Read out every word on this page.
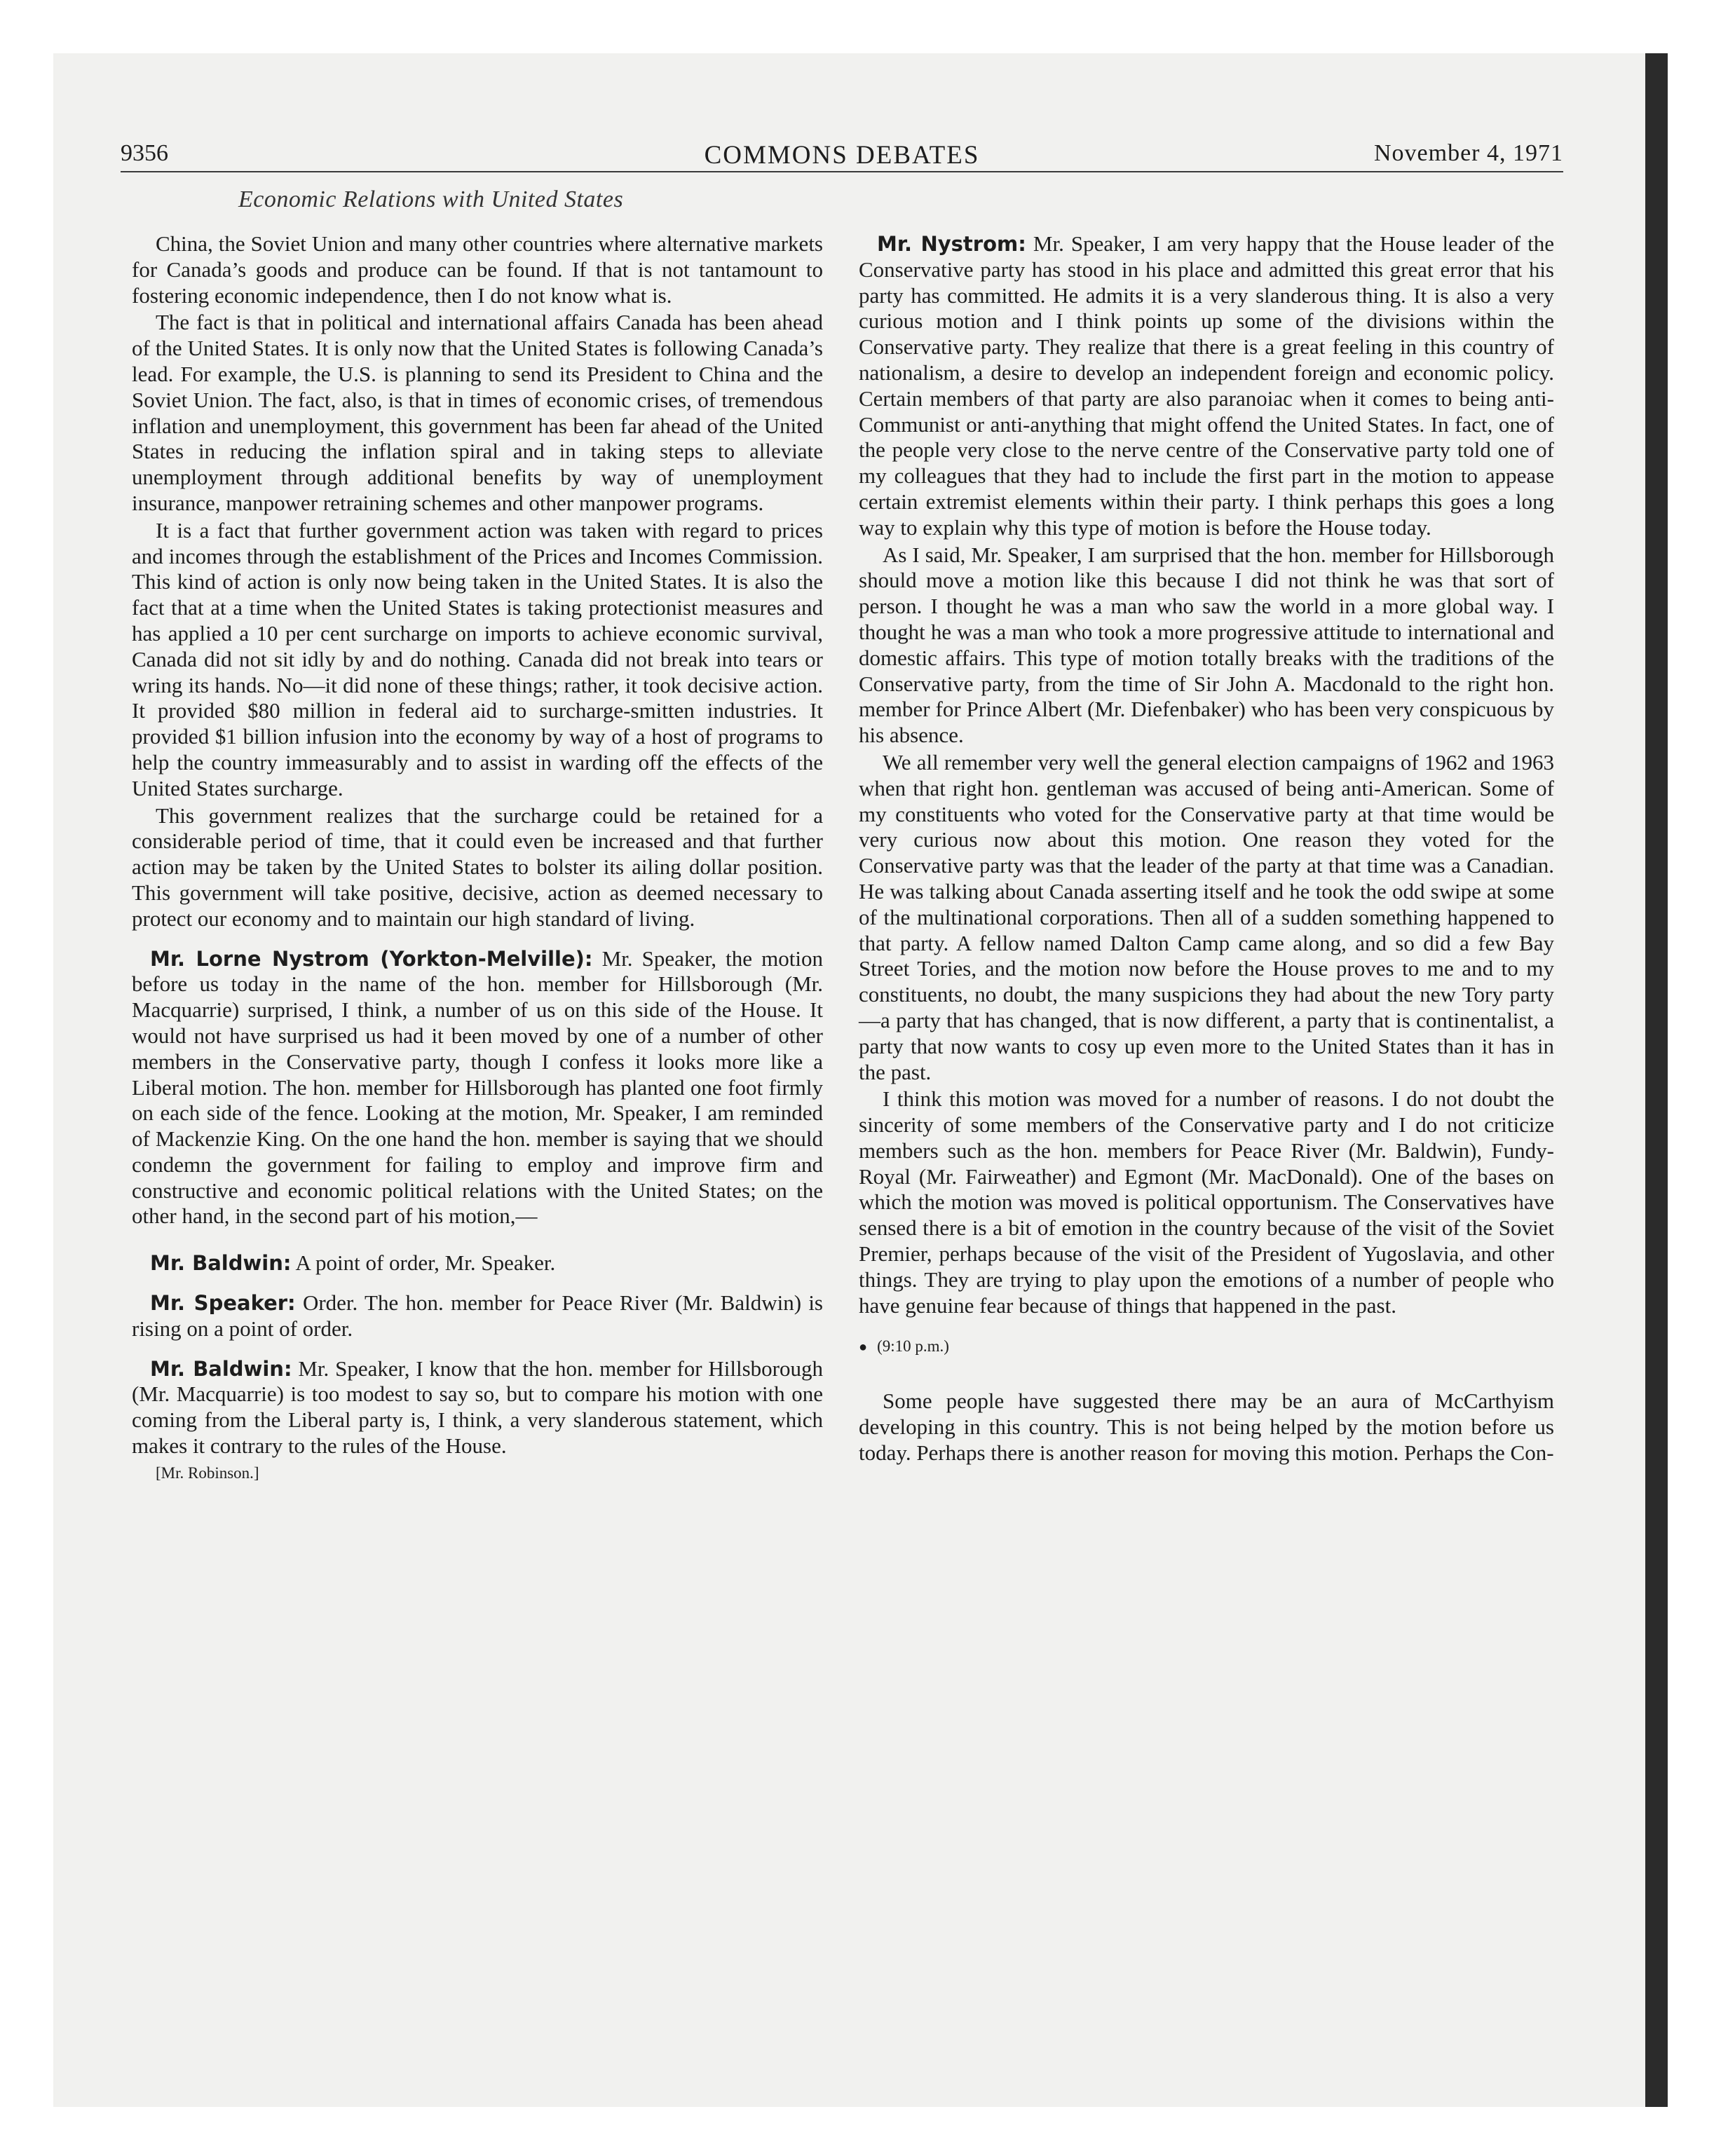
9356	COMMONS DEBATES	November 4, 1971
Economic Relations with United States

China, the Soviet Union and many other countries where alternative markets for Canada’s goods and produce can be found. If that is not tantamount to fostering economic independence, then I do not know what is.

The fact is that in political and international affairs Canada has been ahead of the United States. It is only now that the United States is following Canada’s lead. For example, the U.S. is planning to send its President to China and the Soviet Union. The fact, also, is that in times of economic crises, of tremendous inflation and unemployment, this government has been far ahead of the United States in reducing the inflation spiral and in taking steps to alleviate unemployment through additional benefits by way of unemployment insurance, manpower retraining schemes and other manpower programs.

It is a fact that further government action was taken with regard to prices and incomes through the establishment of the Prices and Incomes Commission. This kind of action is only now being taken in the United States. It is also the fact that at a time when the United States is taking protectionist measures and has applied a 10 per cent surcharge on imports to achieve economic survival, Canada did not sit idly by and do nothing. Canada did not break into tears or wring its hands. No—it did none of these things; rather, it took decisive action. It provided $80 million in federal aid to surcharge-smitten industries. It provided $1 billion infusion into the economy by way of a host of programs to help the country immeasurably and to assist in warding off the effects of the United States surcharge.

This government realizes that the surcharge could be retained for a considerable period of time, that it could even be increased and that further action may be taken by the United States to bolster its ailing dollar position. This government will take positive, decisive, action as deemed necessary to protect our economy and to maintain our high standard of living.

Mr. Lorne Nystrom (Yorkton-Melville): Mr. Speaker, the motion before us today in the name of the hon. member for Hillsborough (Mr. Macquarrie) surprised, I think, a number of us on this side of the House. It would not have surprised us had it been moved by one of a number of other members in the Conservative party, though I confess it looks more like a Liberal motion. The hon. member for Hillsborough has planted one foot firmly on each side of the fence. Looking at the motion, Mr. Speaker, I am reminded of Mackenzie King. On the one hand the hon. member is saying that we should condemn the government for failing to employ and improve firm and constructive and economic political relations with the United States; on the other hand, in the second part of his motion,—

Mr. Baldwin: A point of order, Mr. Speaker.

Mr. Speaker: Order. The hon. member for Peace River (Mr. Baldwin) is rising on a point of order.

Mr. Baldwin: Mr. Speaker, I know that the hon. member for Hillsborough (Mr. Macquarrie) is too modest to say so, but to compare his motion with one coming from the Liberal party is, I think, a very slanderous statement, which makes it contrary to the rules of the House.

[Mr. Robinson.]

Mr. Nystrom: Mr. Speaker, I am very happy that the House leader of the Conservative party has stood in his place and admitted this great error that his party has committed. He admits it is a very slanderous thing. It is also a very curious motion and I think points up some of the divisions within the Conservative party. They realize that there is a great feeling in this country of nationalism, a desire to develop an independent foreign and economic policy. Certain members of that party are also paranoiac when it comes to being anti-Communist or anti-anything that might offend the United States. In fact, one of the people very close to the nerve centre of the Conservative party told one of my colleagues that they had to include the first part in the motion to appease certain extremist elements within their party. I think perhaps this goes a long way to explain why this type of motion is before the House today.

As I said, Mr. Speaker, I am surprised that the hon. member for Hillsborough should move a motion like this because I did not think he was that sort of person. I thought he was a man who saw the world in a more global way. I thought he was a man who took a more progressive attitude to international and domestic affairs. This type of motion totally breaks with the traditions of the Conservative party, from the time of Sir John A. Macdonald to the right hon. member for Prince Albert (Mr. Diefenbaker) who has been very conspicuous by his absence.

We all remember very well the general election campaigns of 1962 and 1963 when that right hon. gentleman was accused of being anti-American. Some of my constituents who voted for the Conservative party at that time would be very curious now about this motion. One reason they voted for the Conservative party was that the leader of the party at that time was a Canadian. He was talking about Canada asserting itself and he took the odd swipe at some of the multinational corporations. Then all of a sudden something happened to that party. A fellow named Dalton Camp came along, and so did a few Bay Street Tories, and the motion now before the House proves to me and to my constituents, no doubt, the many suspicions they had about the new Tory party—a party that has changed, that is now different, a party that is continentalist, a party that now wants to cosy up even more to the United States than it has in the past.

I think this motion was moved for a number of reasons. I do not doubt the sincerity of some members of the Conservative party and I do not criticize members such as the hon. members for Peace River (Mr. Baldwin), Fundy-Royal (Mr. Fairweather) and Egmont (Mr. MacDonald). One of the bases on which the motion was moved is political opportunism. The Conservatives have sensed there is a bit of emotion in the country because of the visit of the Soviet Premier, perhaps because of the visit of the President of Yugoslavia, and other things. They are trying to play upon the emotions of a number of people who have genuine fear because of things that happened in the past.

● (9:10 p.m.)

Some people have suggested there may be an aura of McCarthyism developing in this country. This is not being helped by the motion before us today. Perhaps there is another reason for moving this motion. Perhaps the Con-
